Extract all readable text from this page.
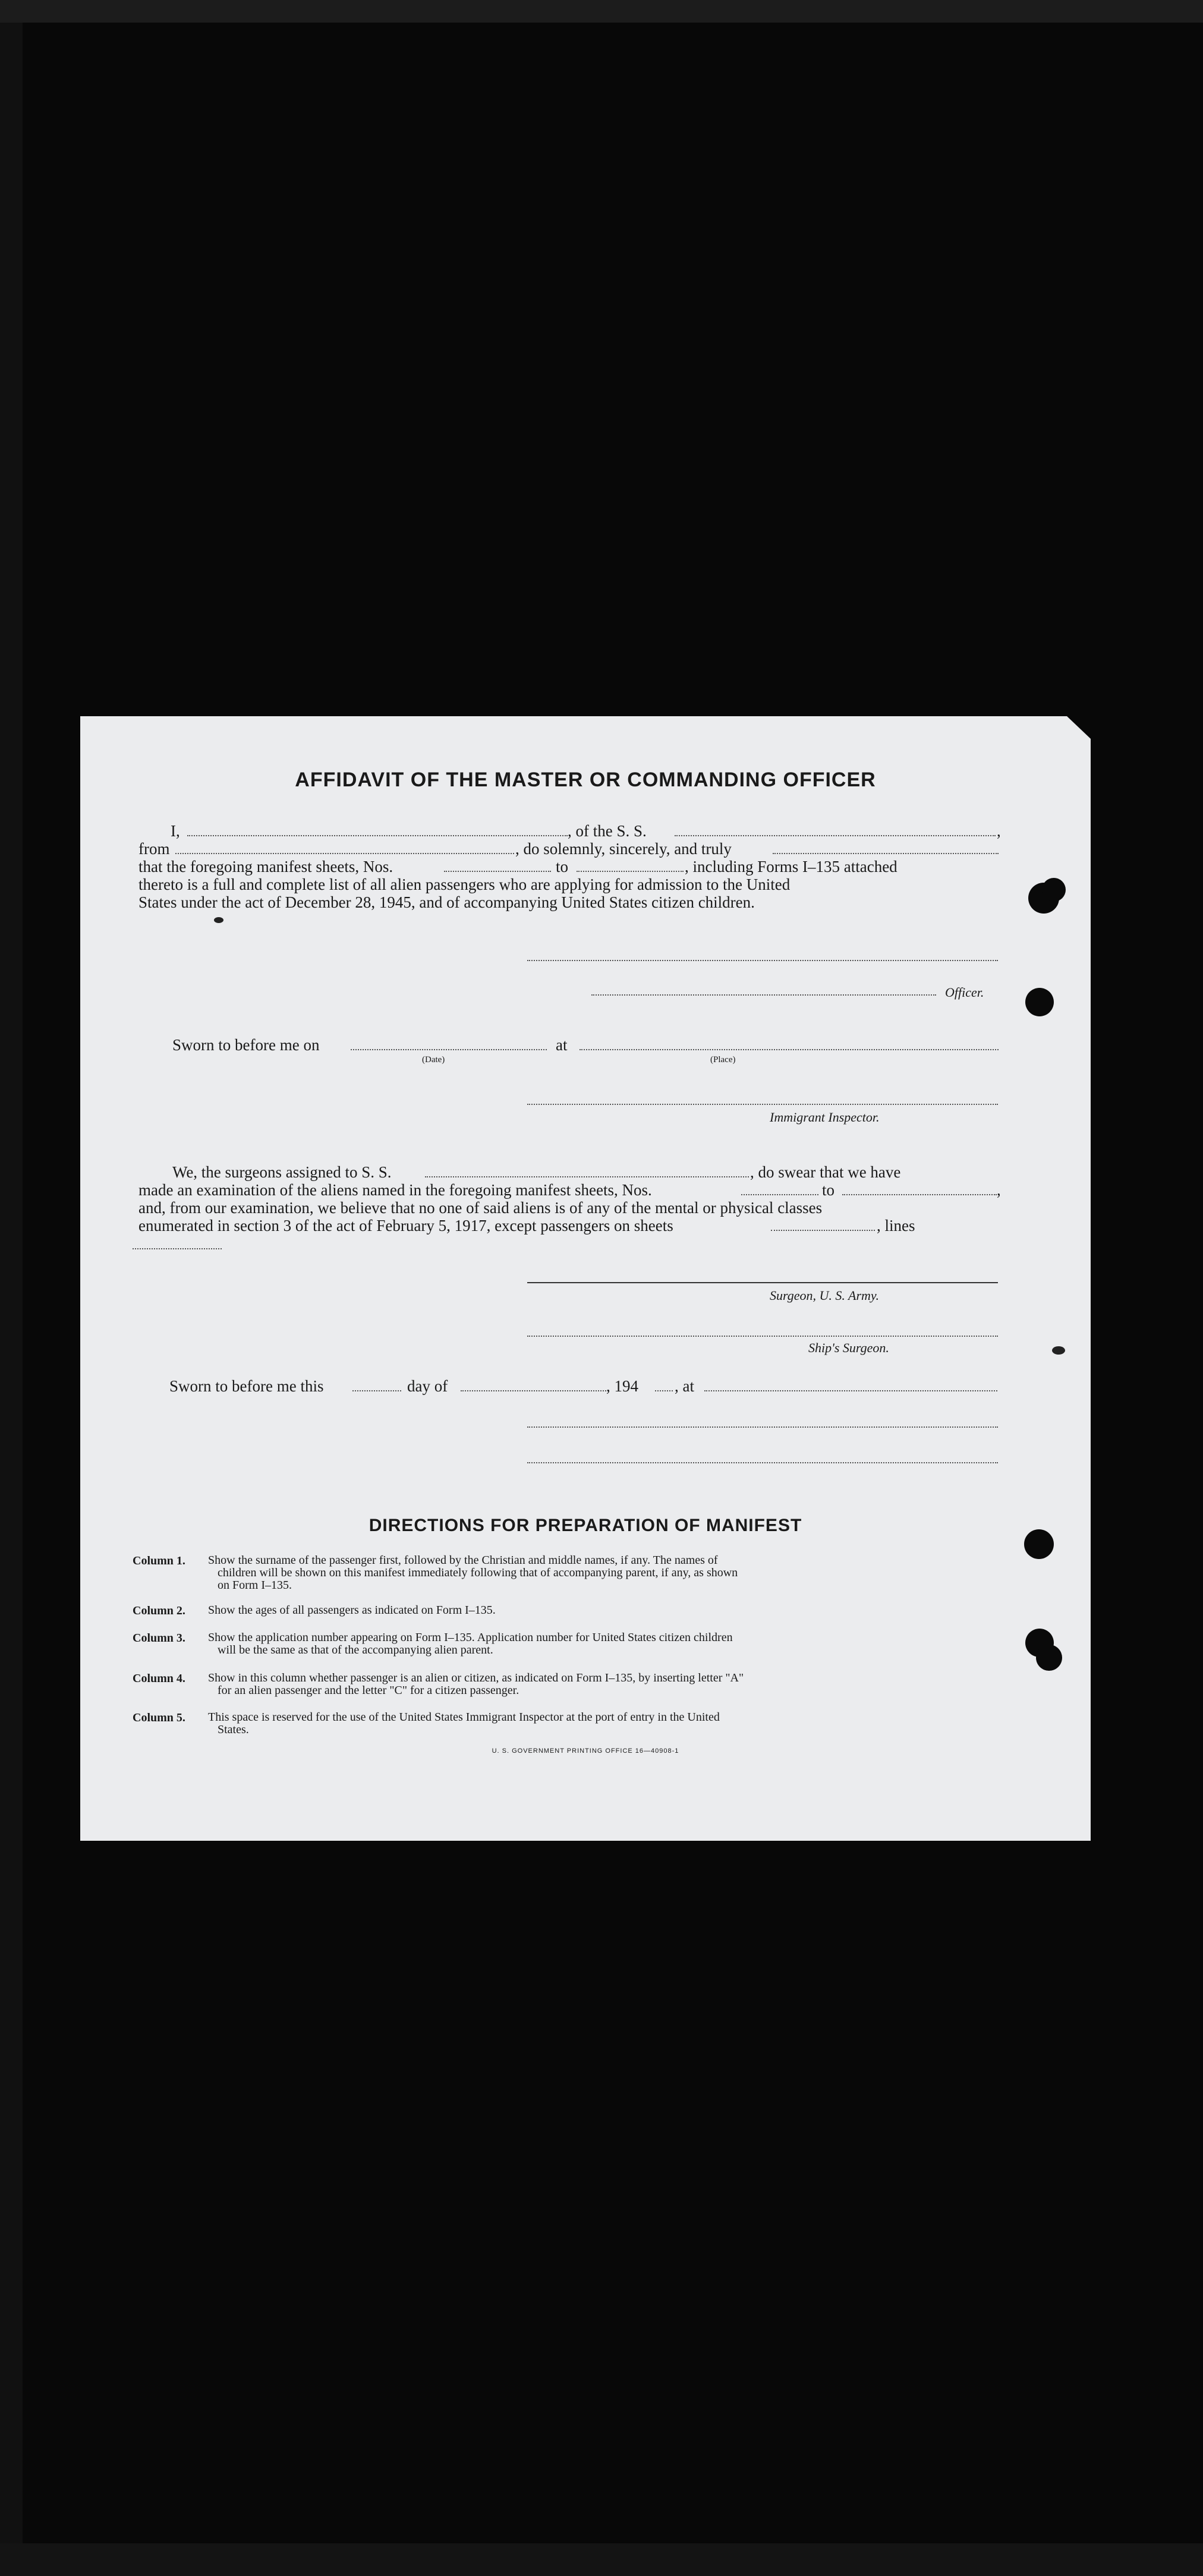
AFFIDAVIT OF THE MASTER OR COMMANDING OFFICER
I,	, of the S. S.	,
from	, do solemnly, sincerely, and truly
that the foregoing manifest sheets, Nos.	to	, including Forms I–135 attached
thereto is a full and complete list of all alien passengers who are applying for admission to the United
States under the act of December 28, 1945, and of accompanying United States citizen children.
Officer.
Sworn to before me on	at
(Date)	(Place)
Immigrant Inspector.
We, the surgeons assigned to S. S.	, do swear that we have
made an examination of the aliens named in the foregoing manifest sheets, Nos.	to	,
and, from our examination, we believe that no one of said aliens is of any of the mental or physical classes
enumerated in section 3 of the act of February 5, 1917, except passengers on sheets	, lines
Surgeon, U. S. Army.
Ship's Surgeon.
Sworn to before me this	day of	, 194 , at
DIRECTIONS FOR PREPARATION OF MANIFEST
Column 1.	Show the surname of the passenger first, followed by the Christian and middle names, if any. The names of
children will be shown on this manifest immediately following that of accompanying parent, if any, as shown
on Form I–135.
Column 2.	Show the ages of all passengers as indicated on Form I–135.
Column 3.	Show the application number appearing on Form I–135. Application number for United States citizen children
will be the same as that of the accompanying alien parent.
Column 4.	Show in this column whether passenger is an alien or citizen, as indicated on Form I–135, by inserting letter "A"
for an alien passenger and the letter "C" for a citizen passenger.
Column 5.	This space is reserved for the use of the United States Immigrant Inspector at the port of entry in the United
States.
U. S. GOVERNMENT PRINTING OFFICE 16—40908-1
